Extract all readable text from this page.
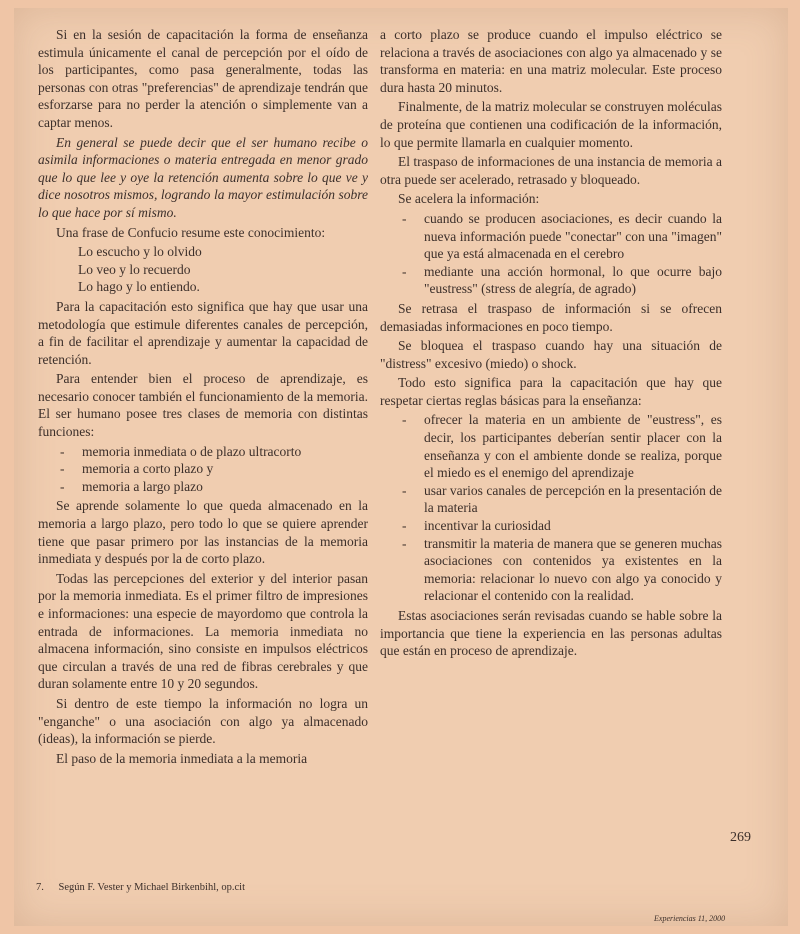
Si en la sesión de capacitación la forma de enseñanza estimula únicamente el canal de percepción por el oído de los participantes, como pasa generalmente, todas las personas con otras "preferencias" de aprendizaje tendrán que esforzarse para no perder la atención o simplemente van a captar menos.

En general se puede decir que el ser humano recibe o asimila informaciones o materia entregada en menor grado que lo que lee y oye la retención aumenta sobre lo que ve y dice nosotros mismos, logrando la mayor estimulación sobre lo que hace por sí mismo.

Una frase de Confucio resume este conocimiento:

Lo escucho y lo olvido
Lo veo y lo recuerdo
Lo hago y lo entiendo.

Para la capacitación esto significa que hay que usar una metodología que estimule diferentes canales de percepción, a fin de facilitar el aprendizaje y aumentar la capacidad de retención.

Para entender bien el proceso de aprendizaje, es necesario conocer también el funcionamiento de la memoria. El ser humano posee tres clases de memoria con distintas funciones:

- memoria inmediata o de plazo ultracorto
- memoria a corto plazo y
- memoria a largo plazo

Se aprende solamente lo que queda almacenado en la memoria a largo plazo, pero todo lo que se quiere aprender tiene que pasar primero por las instancias de la memoria inmediata y después por la de corto plazo.

Todas las percepciones del exterior y del interior pasan por la memoria inmediata. Es el primer filtro de impresiones e informaciones: una especie de mayordomo que controla la entrada de informaciones. La memoria inmediata no almacena información, sino consiste en impulsos eléctricos que circulan a través de una red de fibras cerebrales y que duran solamente entre 10 y 20 segundos.

Si dentro de este tiempo la información no logra un "enganche" o una asociación con algo ya almacenado (ideas), la información se pierde.

El paso de la memoria inmediata a la memoria

a corto plazo se produce cuando el impulso eléctrico se relaciona a través de asociaciones con algo ya almacenado y se transforma en materia: en una matriz molecular. Este proceso dura hasta 20 minutos.

Finalmente, de la matriz molecular se construyen moléculas de proteína que contienen una codificación de la información, lo que permite llamarla en cualquier momento.

El traspaso de informaciones de una instancia de memoria a otra puede ser acelerado, retrasado y bloqueado.

Se acelera la información:

- cuando se producen asociaciones, es decir cuando la nueva información puede "conectar" con una "imagen" que ya está almacenada en el cerebro
- mediante una acción hormonal, lo que ocurre bajo "eustress" (stress de alegría, de agrado)

Se retrasa el traspaso de información si se ofrecen demasiadas informaciones en poco tiempo.

Se bloquea el traspaso cuando hay una situación de "distress" excesivo (miedo) o shock.

Todo esto significa para la capacitación que hay que respetar ciertas reglas básicas para la enseñanza:

- ofrecer la materia en un ambiente de "eustress", es decir, los participantes deberían sentir placer con la enseñanza y con el ambiente donde se realiza, porque el miedo es el enemigo del aprendizaje
- usar varios canales de percepción en la presentación de la materia
- incentivar la curiosidad
- transmitir la materia de manera que se generen muchas asociaciones con contenidos ya existentes en la memoria: relacionar lo nuevo con algo ya conocido y relacionar el contenido con la realidad.

Estas asociaciones serán revisadas cuando se hable sobre la importancia que tiene la experiencia en las personas adultas que están en proceso de aprendizaje.

269
7. Según F. Vester y Michael Birkenbihl, op.cit
Experiencias 11, 2000
